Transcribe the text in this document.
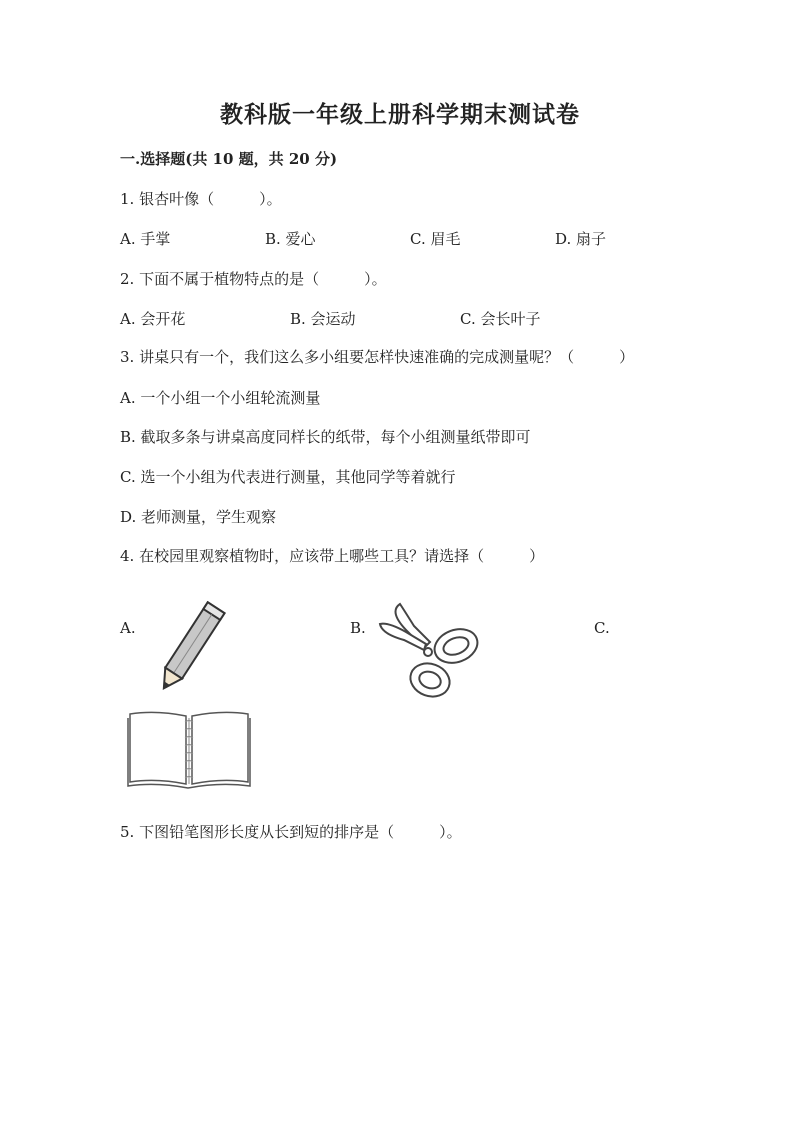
教科版一年级上册科学期末测试卷
一.选择题(共 10 题，共 20 分)
1. 银杏叶像（　　　）。
A. 手掌	B. 爱心	C. 眉毛	D. 扇子
2. 下面不属于植物特点的是（　　　）。
A. 会开花	B. 会运动	C. 会长叶子
3. 讲桌只有一个，我们这么多小组要怎样快速准确的完成测量呢？（　　　）
A. 一个小组一个小组轮流测量
B. 截取多条与讲桌高度同样长的纸带，每个小组测量纸带即可
C. 选一个小组为代表进行测量，其他同学等着就行
D. 老师测量，学生观察
4. 在校园里观察植物时，应该带上哪些工具？请选择（　　　）
A.	B.	C.
5. 下图铅笔图形长度从长到短的排序是（　　　）。
